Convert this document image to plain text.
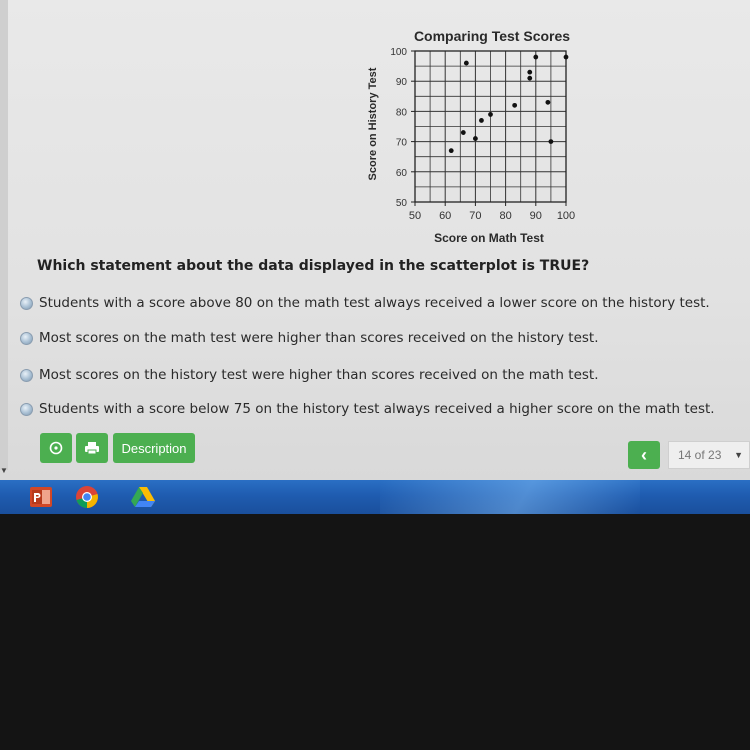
Comparing Test Scores
Score on History Test
Score on Math Test
50 60 70 80 90 100
50
60
70
80
90
100
Which statement about the data displayed in the scatterplot is TRUE?
Students with a score above 80 on the math test always received a lower score on the history test.
Most scores on the math test were higher than scores received on the history test.
Most scores on the history test were higher than scores received on the math test.
Students with a score below 75 on the history test always received a higher score on the math test.
Description	‹	14 of 23 ▼
▼
